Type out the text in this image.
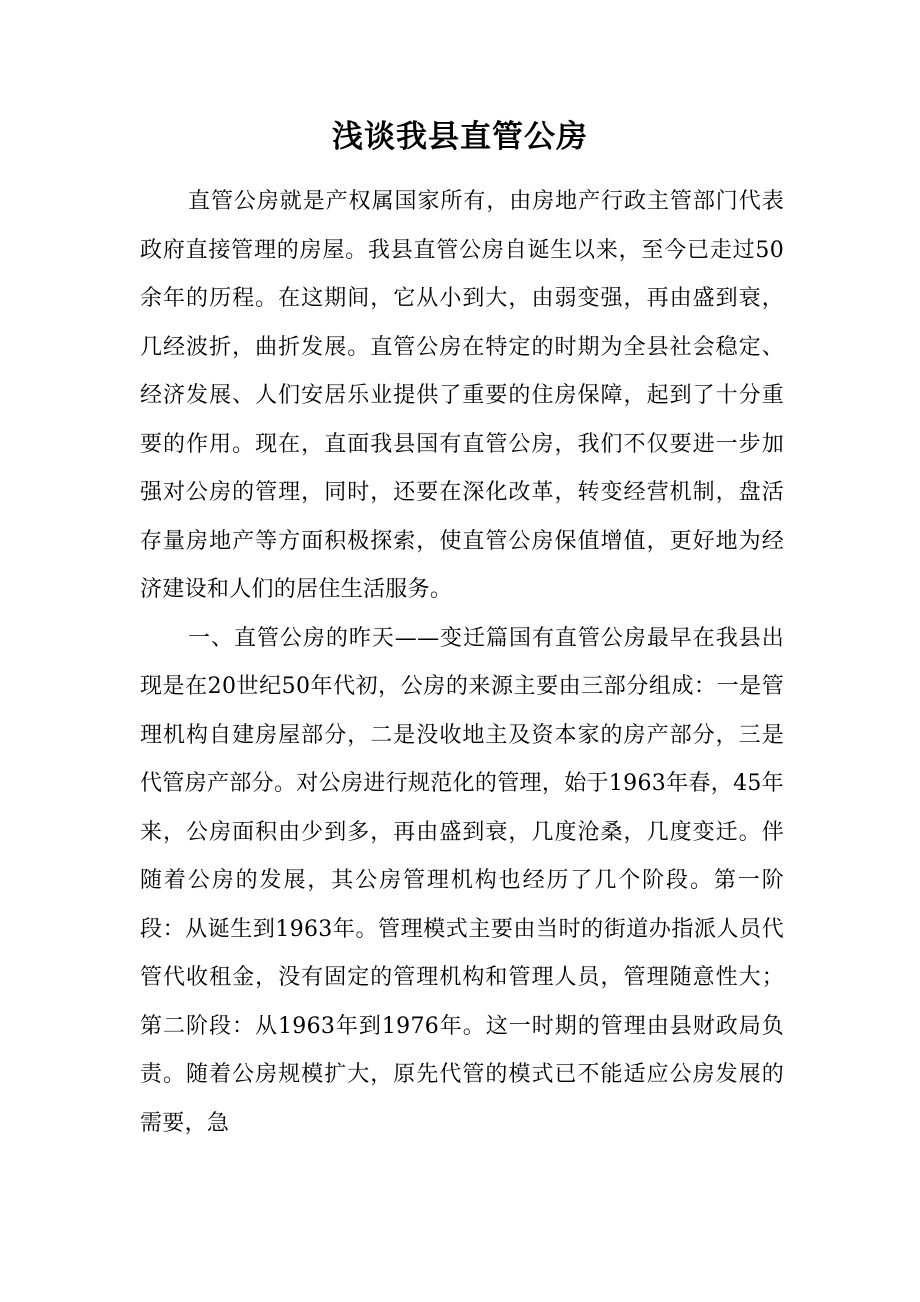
浅谈我县直管公房

直管公房就是产权属国家所有，由房地产行政主管部门代表政府直接管理的房屋。我县直管公房自诞生以来，至今已走过50余年的历程。在这期间，它从小到大，由弱变强，再由盛到衰，几经波折，曲折发展。直管公房在特定的时期为全县社会稳定、经济发展、人们安居乐业提供了重要的住房保障，起到了十分重要的作用。现在，直面我县国有直管公房，我们不仅要进一步加强对公房的管理，同时，还要在深化改革，转变经营机制，盘活存量房地产等方面积极探索，使直管公房保值增值，更好地为经济建设和人们的居住生活服务。

一、直管公房的昨天——变迁篇国有直管公房最早在我县出现是在20世纪50年代初，公房的来源主要由三部分组成：一是管理机构自建房屋部分，二是没收地主及资本家的房产部分，三是代管房产部分。对公房进行规范化的管理，始于1963年春，45年来，公房面积由少到多，再由盛到衰，几度沧桑，几度变迁。伴随着公房的发展，其公房管理机构也经历了几个阶段。第一阶段：从诞生到1963年。管理模式主要由当时的街道办指派人员代管代收租金，没有固定的管理机构和管理人员，管理随意性大；第二阶段：从1963年到1976年。这一时期的管理由县财政局负责。随着公房规模扩大，原先代管的模式已不能适应公房发展的需要，急
